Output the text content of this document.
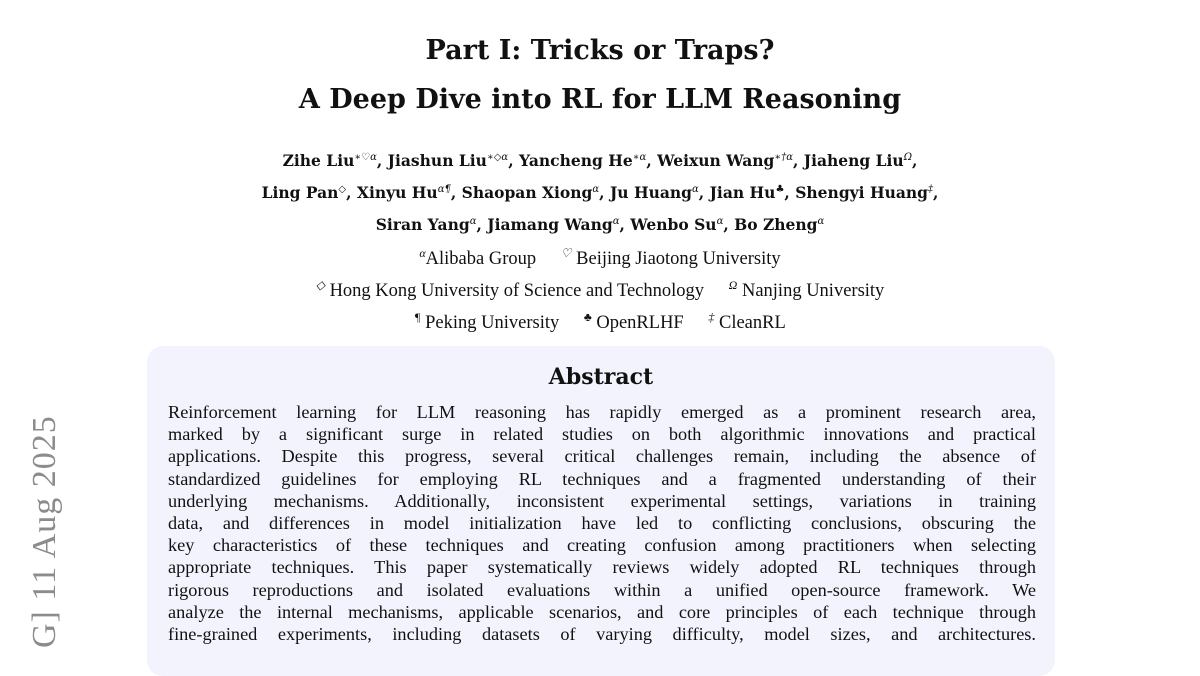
G] 11 Aug 2025
Part I: Tricks or Traps?
A Deep Dive into RL for LLM Reasoning
Zihe Liu$^{∗♡\alpha}$, Jiashun Liu$^{∗◇\alpha}$, Yancheng $He^{∗\alpha}$, Weixun Wang$^{∗\dagger\alpha}$, Jiaheng Liu$^\Omega$,
Ling Pan◇, Xinyu $Hu^{\alpha\P}$, Shaopan Xiong$^\alpha$, Ju Huang$^\alpha$, Jian Hu♣, Shengyi Huang‡,
Siran Yang$^\alpha$, Jiamang Wang$^\alpha$, Wenbo $Su^\alpha$, Bo Zheng$^\alpha$
$^\alpha$Alibaba Group ♡ Beijing Jiaotong University
◇ Hong Kong University of Science and Technology $^\Omega$ Nanjing University
¶ Peking University ♣ OpenRLHF ‡ CleanRL
Abstract
Reinforcement learning for LLM reasoning has rapidly emerged as a prominent research area,
marked by a significant surge in related studies on both algorithmic innovations and practical
applications. Despite this progress, several critical challenges remain, including the absence of
standardized guidelines for employing RL techniques and a fragmented understanding of their
underlying mechanisms. Additionally, inconsistent experimental settings, variations in training
data, and differences in model initialization have led to conflicting conclusions, obscuring the
key characteristics of these techniques and creating confusion among practitioners when selecting
appropriate techniques. This paper systematically reviews widely adopted RL techniques through
rigorous reproductions and isolated evaluations within a unified open-source framework. We
analyze the internal mechanisms, applicable scenarios, and core principles of each technique through
fine-grained experiments, including datasets of varying difficulty, model sizes, and architectures.
